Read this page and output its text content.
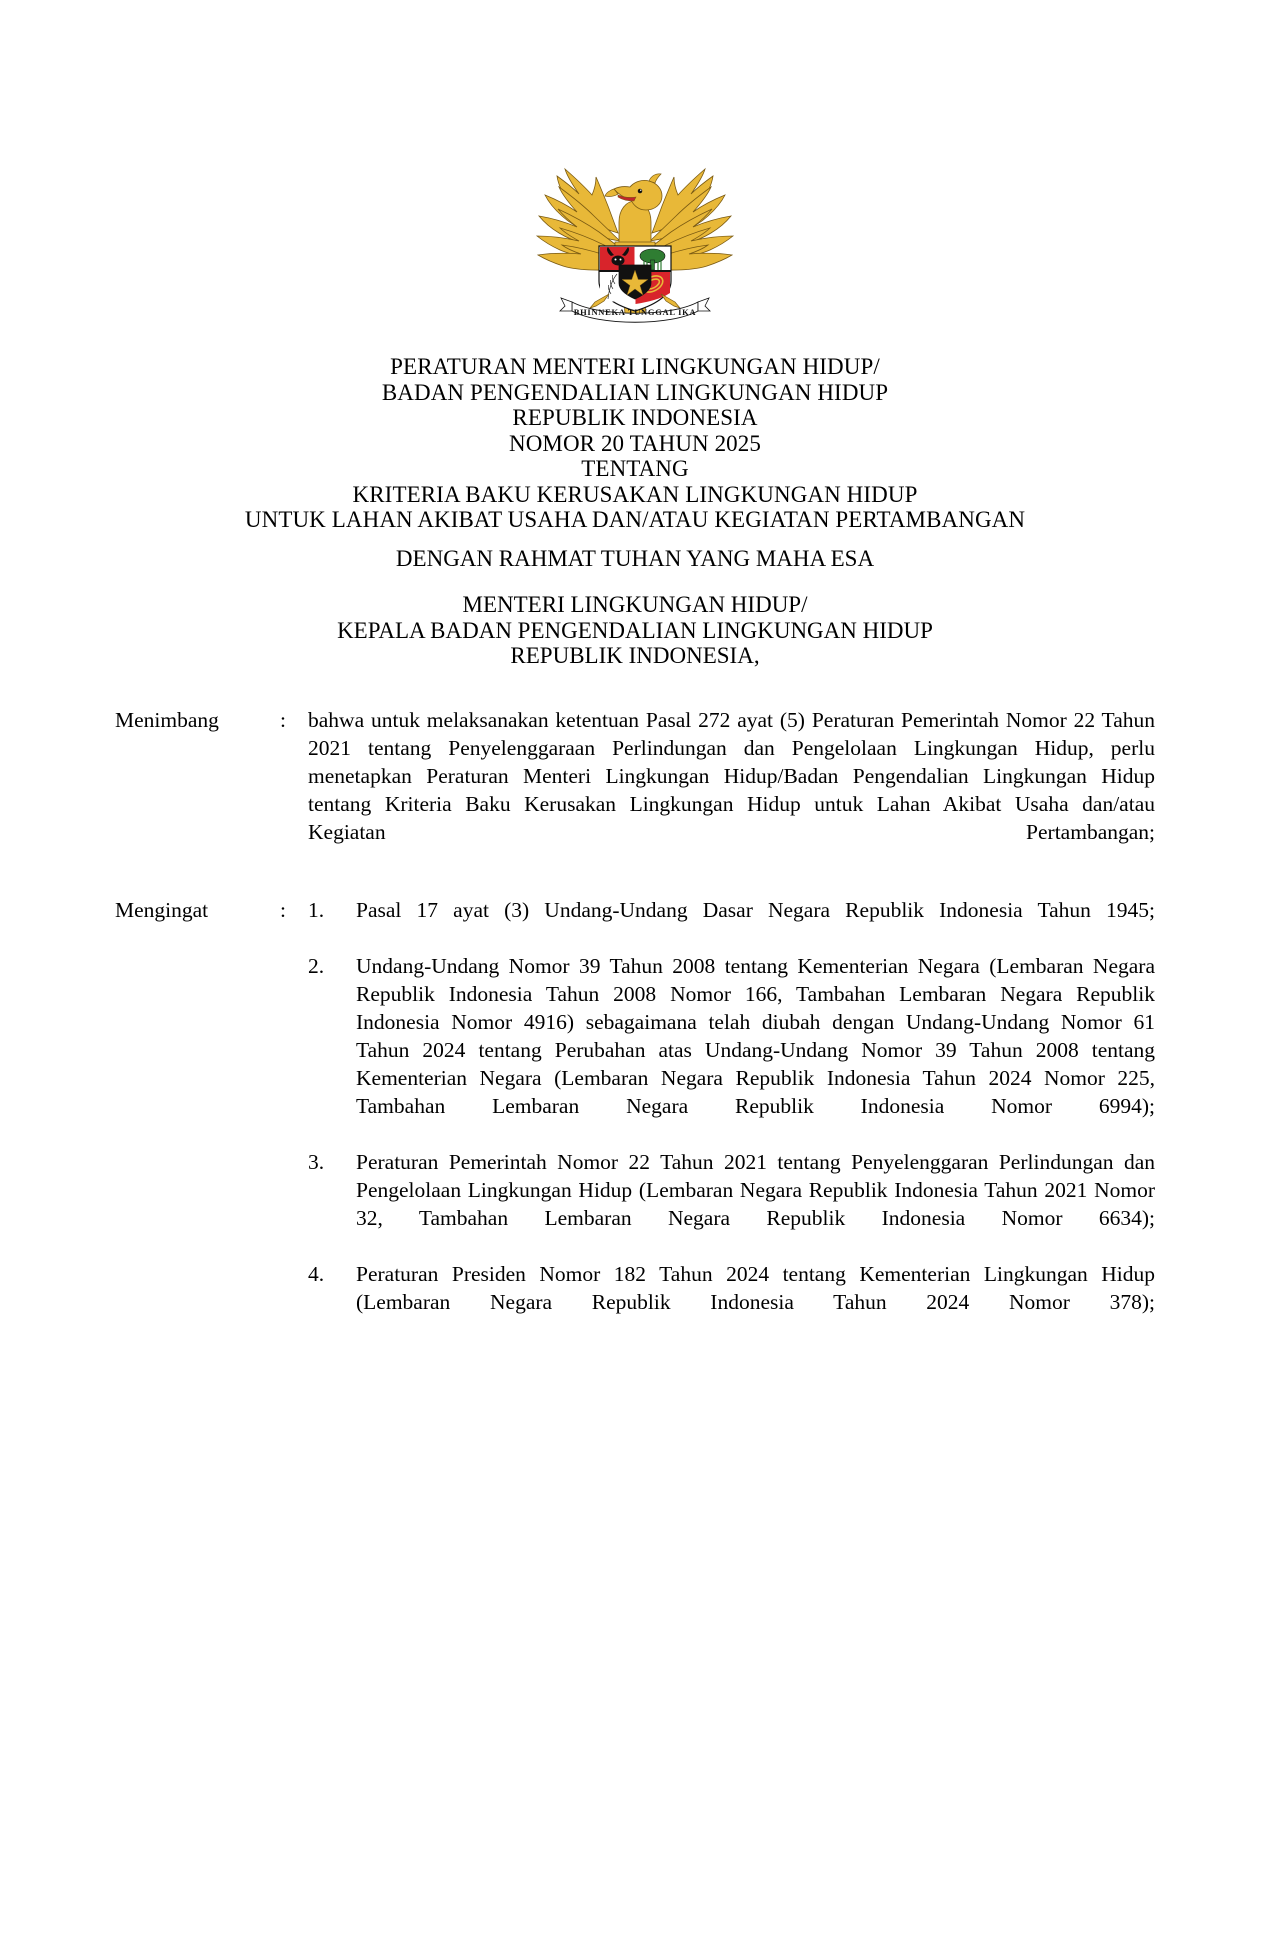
BHINNEKA TUNGGAL IKA
PERATURAN MENTERI LINGKUNGAN HIDUP/
BADAN PENGENDALIAN LINGKUNGAN HIDUP
REPUBLIK INDONESIA
NOMOR 20 TAHUN 2025
TENTANG
KRITERIA BAKU KERUSAKAN LINGKUNGAN HIDUP
UNTUK LAHAN AKIBAT USAHA DAN/ATAU KEGIATAN PERTAMBANGAN
DENGAN RAHMAT TUHAN YANG MAHA ESA
MENTERI LINGKUNGAN HIDUP/
KEPALA BADAN PENGENDALIAN LINGKUNGAN HIDUP
REPUBLIK INDONESIA,
Menimbang	:	bahwa untuk melaksanakan ketentuan Pasal 272 ayat (5) Peraturan Pemerintah Nomor 22 Tahun 2021 tentang Penyelenggaraan Perlindungan dan Pengelolaan Lingkungan Hidup, perlu menetapkan Peraturan Menteri Lingkungan Hidup/Badan Pengendalian Lingkungan Hidup tentang Kriteria Baku Kerusakan Lingkungan Hidup untuk Lahan Akibat Usaha dan/atau Kegiatan Pertambangan;

Mengingat	:	1.	Pasal 17 ayat (3) Undang-Undang Dasar Negara Republik Indonesia Tahun 1945;
2.	Undang-Undang Nomor 39 Tahun 2008 tentang Kementerian Negara (Lembaran Negara Republik Indonesia Tahun 2008 Nomor 166, Tambahan Lembaran Negara Republik Indonesia Nomor 4916) sebagaimana telah diubah dengan Undang-Undang Nomor 61 Tahun 2024 tentang Perubahan atas Undang-Undang Nomor 39 Tahun 2008 tentang Kementerian Negara (Lembaran Negara Republik Indonesia Tahun 2024 Nomor 225, Tambahan Lembaran Negara Republik Indonesia Nomor 6994);
3.	Peraturan Pemerintah Nomor 22 Tahun 2021 tentang Penyelenggaran Perlindungan dan Pengelolaan Lingkungan Hidup (Lembaran Negara Republik Indonesia Tahun 2021 Nomor 32, Tambahan Lembaran Negara Republik Indonesia Nomor 6634);
4.	Peraturan Presiden Nomor 182 Tahun 2024 tentang Kementerian Lingkungan Hidup (Lembaran Negara Republik Indonesia Tahun 2024 Nomor 378);
